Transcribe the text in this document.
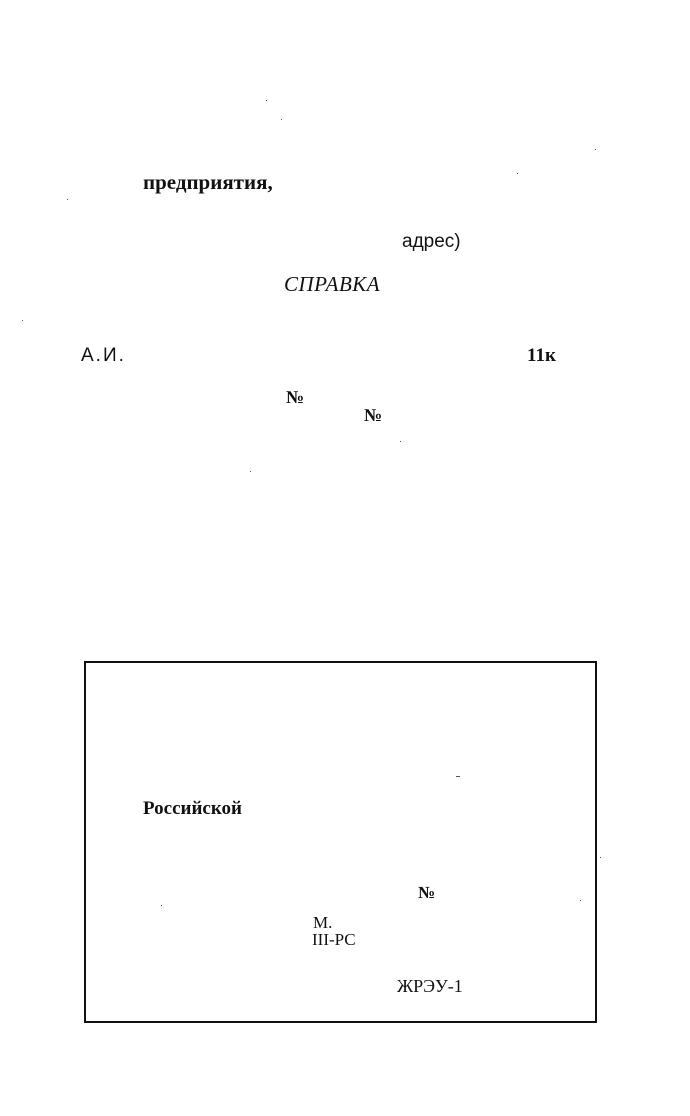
предприятия,
адрес)
СПРАВКА
А.И.	11к
№
№
Российской
№
М.
III-РС
ЖРЭУ-1
